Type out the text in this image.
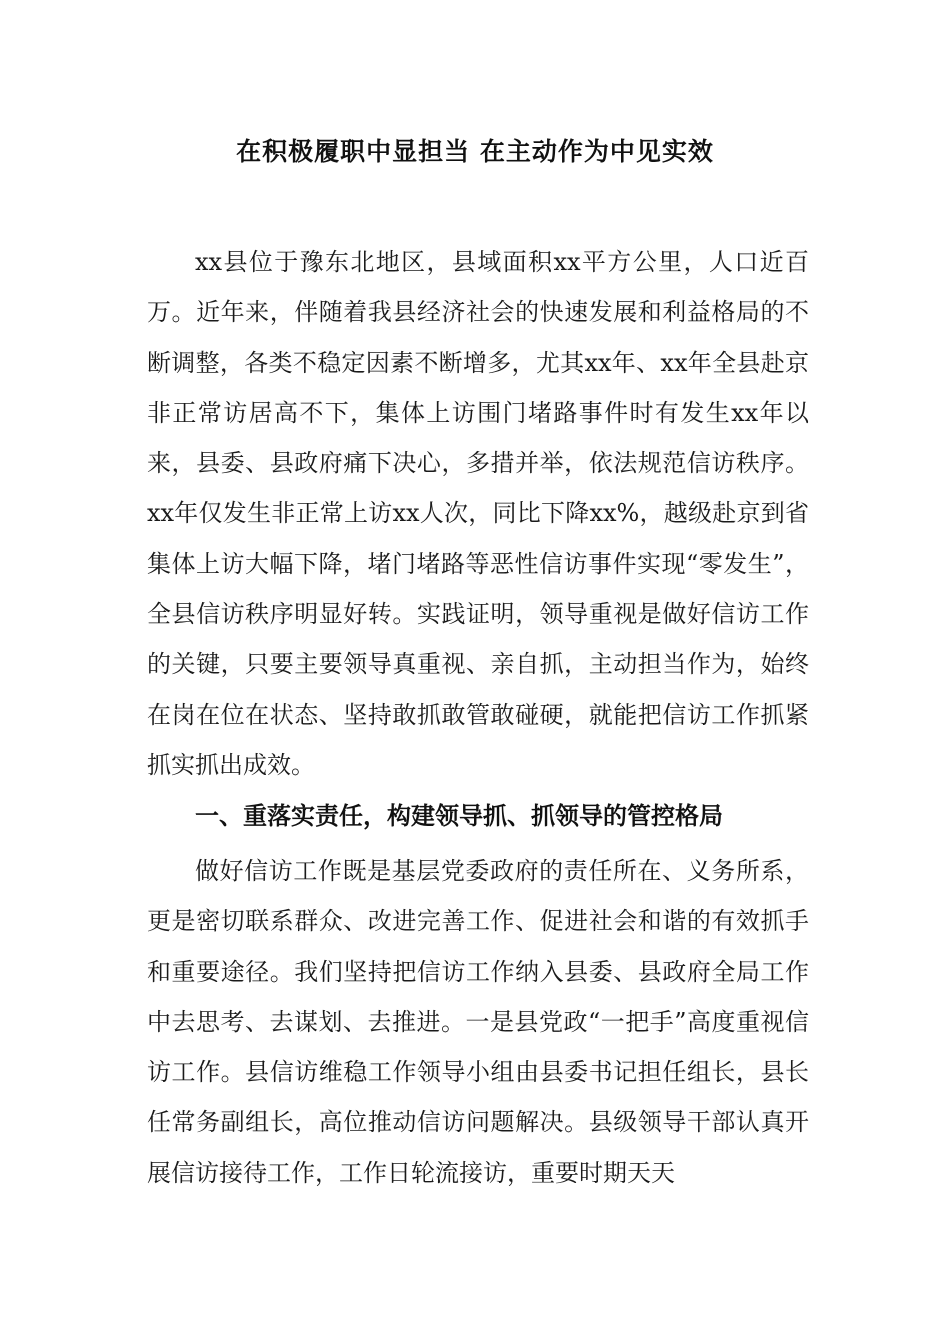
在积极履职中显担当 在主动作为中见实效

xx县位于豫东北地区，县域面积xx平方公里，人口近百万。近年来，伴随着我县经济社会的快速发展和利益格局的不断调整，各类不稳定因素不断增多，尤其xx年、xx年全县赴京非正常访居高不下，集体上访围门堵路事件时有发生xx年以来，县委、县政府痛下决心，多措并举，依法规范信访秩序。xx年仅发生非正常上访xx人次，同比下降xx%，越级赴京到省集体上访大幅下降，堵门堵路等恶性信访事件实现“零发生”，全县信访秩序明显好转。实践证明，领导重视是做好信访工作的关键，只要主要领导真重视、亲自抓，主动担当作为，始终在岗在位在状态、坚持敢抓敢管敢碰硬，就能把信访工作抓紧抓实抓出成效。

一、重落实责任，构建领导抓、抓领导的管控格局

做好信访工作既是基层党委政府的责任所在、义务所系，更是密切联系群众、改进完善工作、促进社会和谐的有效抓手和重要途径。我们坚持把信访工作纳入县委、县政府全局工作中去思考、去谋划、去推进。一是县党政“一把手”高度重视信访工作。县信访维稳工作领导小组由县委书记担任组长，县长任常务副组长，高位推动信访问题解决。县级领导干部认真开展信访接待工作，工作日轮流接访，重要时期天天
